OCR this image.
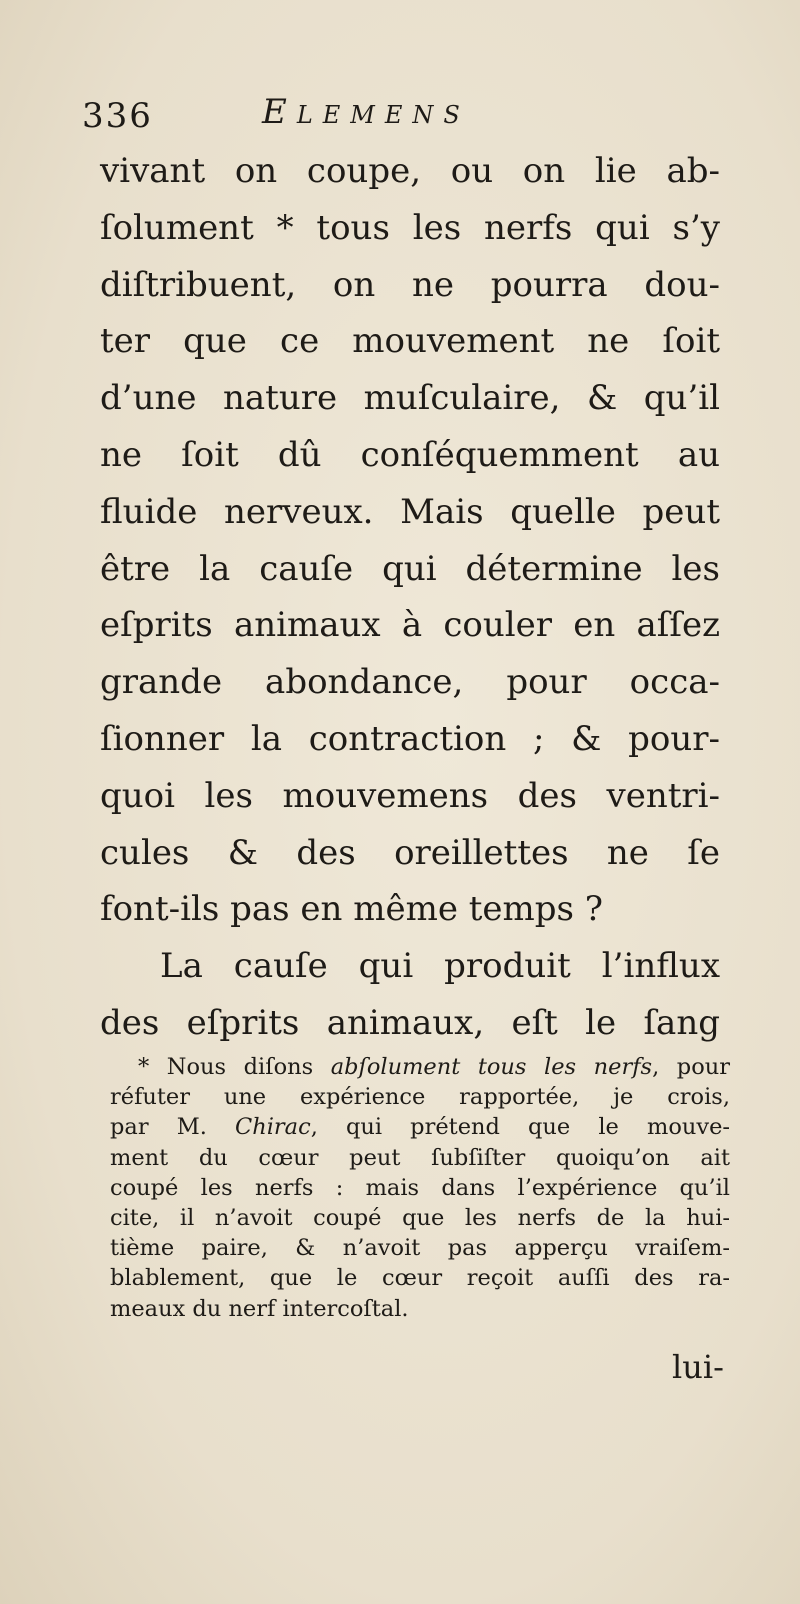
336	Elemens
vivant on coupe, ou on lie ab-
ſolument * tous les nerfs qui s’y
diſtribuent, on ne pourra dou-
ter que ce mouvement ne ſoit
d’une nature muſculaire, & qu’il
ne ſoit dû conſéquemment au
fluide nerveux. Mais quelle peut
être la cauſe qui détermine les
eſprits animaux à couler en aſſez
grande abondance, pour occa-
ſionner la contraction ; & pour-
quoi les mouvemens des ventri-
cules & des oreillettes ne ſe
font-ils pas en même temps ?
La cauſe qui produit l’influx
des eſprits animaux, eſt le ſang
* Nous diſons abſolument tous les nerfs, pour
réfuter une expérience rapportée, je crois,
par M. Chirac, qui prétend que le mouve-
ment du cœur peut ſubſiſter quoiqu’on ait
coupé les nerfs : mais dans l’expérience qu’il
cite, il n’avoit coupé que les nerfs de la hui-
tième paire, & n’avoit pas apperçu vraiſem-
blablement, que le cœur reçoit auſſi des ra-
meaux du nerf intercoſtal.
lui-
